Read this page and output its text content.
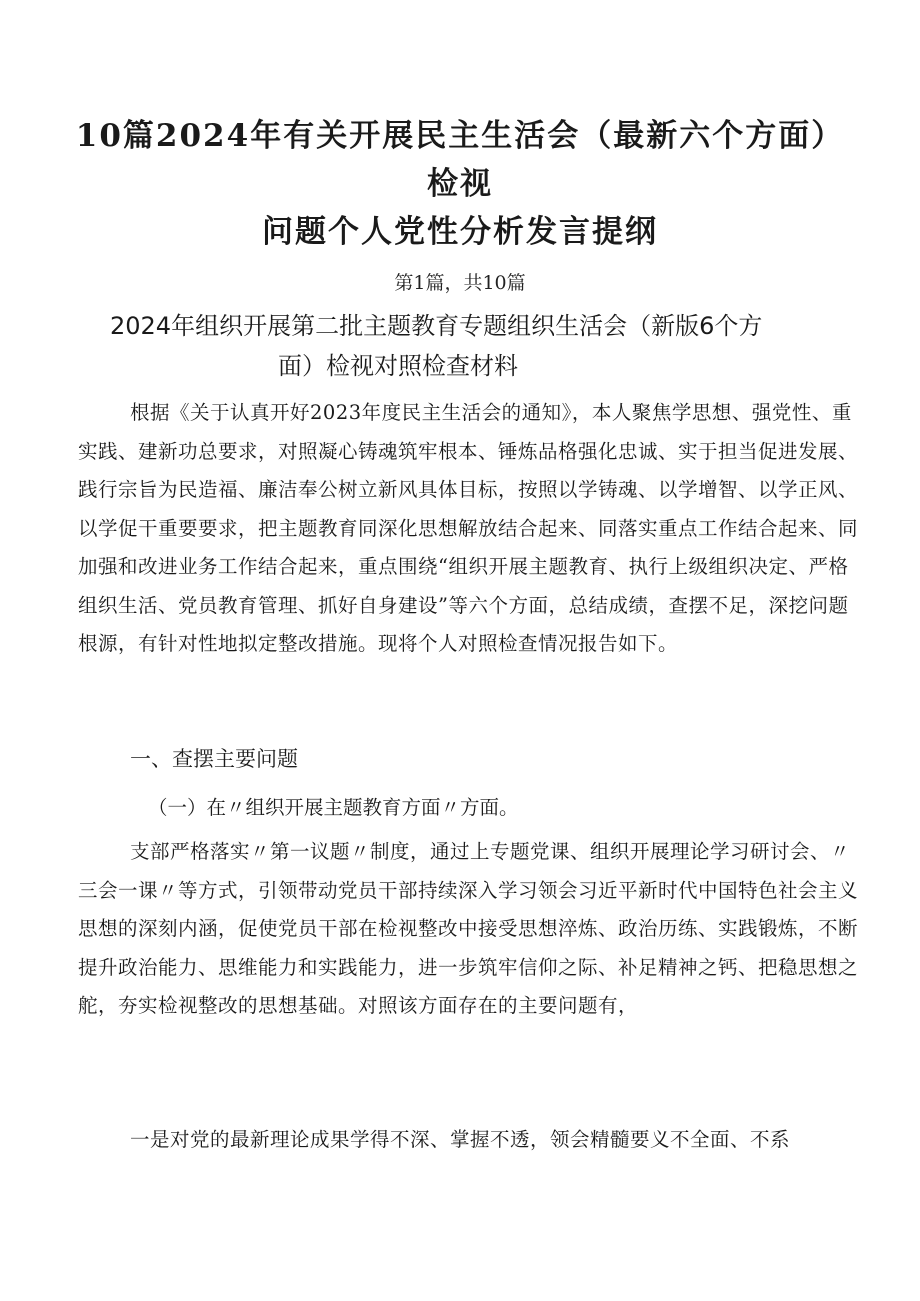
10篇2024年有关开展民主生活会（最新六个方面）检视
问题个人党性分析发言提纲
第1篇，共10篇
2024年组织开展第二批主题教育专题组织生活会（新版6个方
面）检视对照检查材料
根据《关于认真开好2023年度民主生活会的通知》，本人聚焦学思想、强党性、重实践、建新功总要求，对照凝心铸魂筑牢根本、锤炼品格强化忠诚、实于担当促进发展、践行宗旨为民造福、廉洁奉公树立新风具体目标，按照以学铸魂、以学增智、以学正风、以学促干重要要求，把主题教育同深化思想解放结合起来、同落实重点工作结合起来、同加强和改进业务工作结合起来，重点围绕“组织开展主题教育、执行上级组织决定、严格组织生活、党员教育管理、抓好自身建设”等六个方面，总结成绩，查摆不足，深挖问题根源，有针对性地拟定整改措施。现将个人对照检查情况报告如下。
一、查摆主要问题
（一）在〃组织开展主题教育方面〃方面。
支部严格落实〃第一议题〃制度，通过上专题党课、组织开展理论学习研讨会、〃三会一课〃等方式，引领带动党员干部持续深入学习领会习近平新时代中国特色社会主义思想的深刻内涵，促使党员干部在检视整改中接受思想淬炼、政治历练、实践锻炼，不断提升政治能力、思维能力和实践能力，进一步筑牢信仰之际、补足精神之钙、把稳思想之舵，夯实检视整改的思想基础。对照该方面存在的主要问题有，
一是对党的最新理论成果学得不深、掌握不透，领会精髓要义不全面、不系
